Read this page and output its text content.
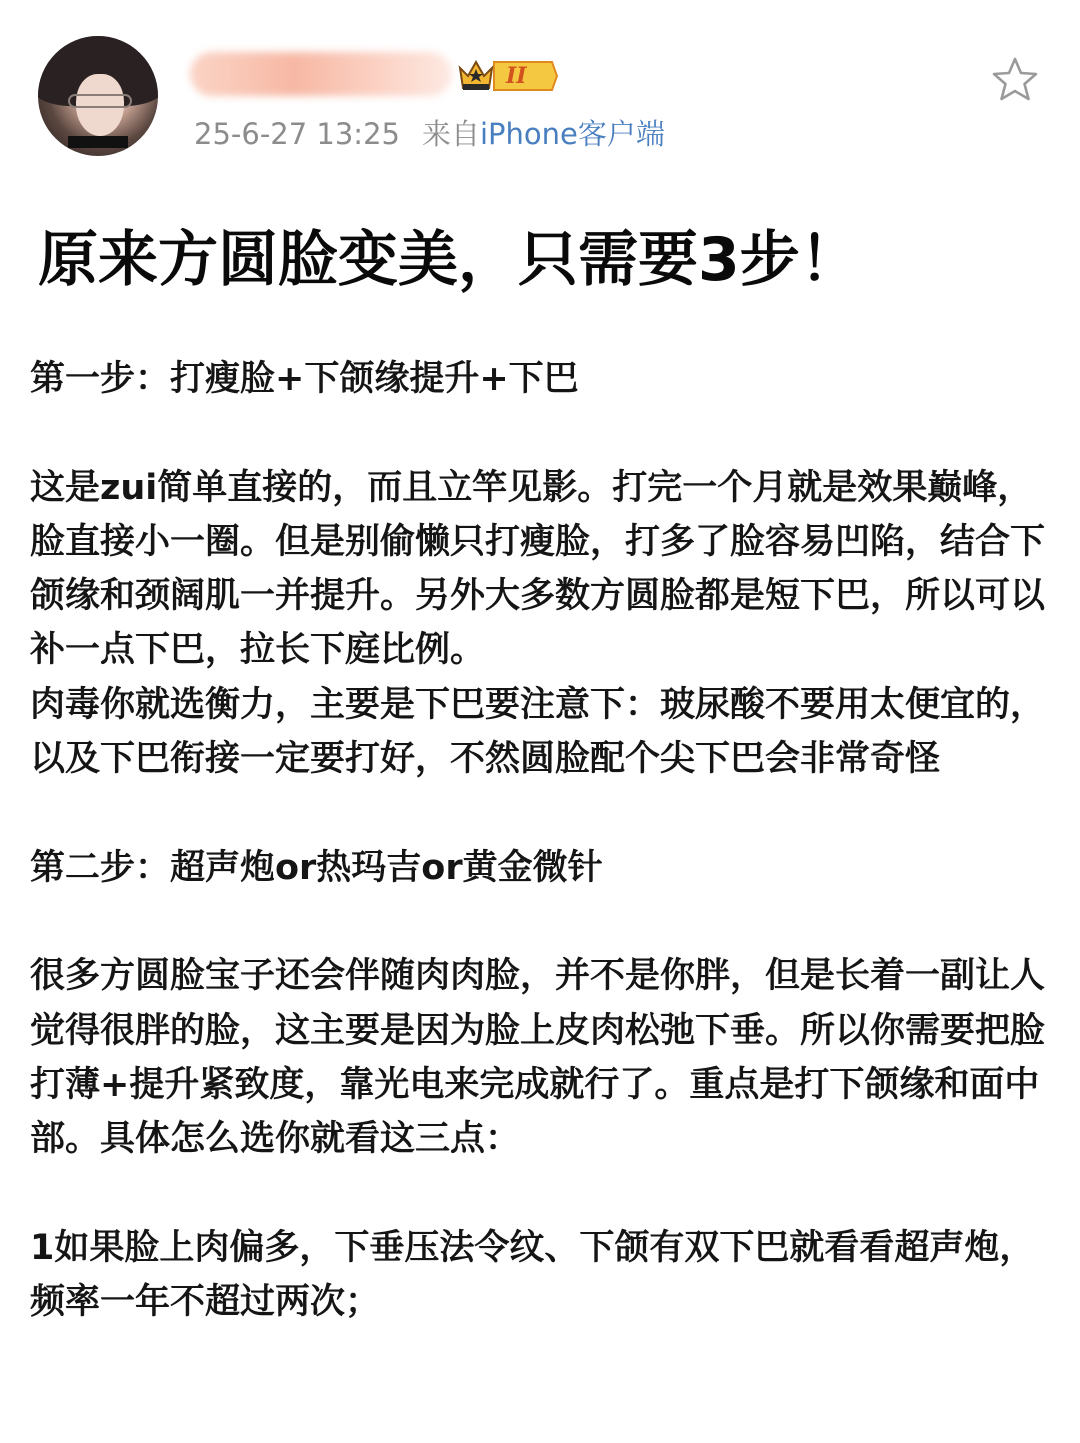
II
25-6-27 13:25 来自iPhone客户端
原来方圆脸变美，只需要3步！

第一步：打瘦脸+下颌缘提升+下巴

这是zui简单直接的，而且立竿见影。打完一个月就是效果巅峰，脸直接小一圈。但是别偷懒只打瘦脸，打多了脸容易凹陷，结合下颌缘和颈阔肌一并提升。另外大多数方圆脸都是短下巴，所以可以补一点下巴，拉长下庭比例。

肉毒你就选衡力，主要是下巴要注意下：玻尿酸不要用太便宜的，以及下巴衔接一定要打好，不然圆脸配个尖下巴会非常奇怪

第二步：超声炮or热玛吉or黄金微针

很多方圆脸宝子还会伴随肉肉脸，并不是你胖，但是长着一副让人觉得很胖的脸，这主要是因为脸上皮肉松弛下垂。所以你需要把脸打薄+提升紧致度，靠光电来完成就行了。重点是打下颌缘和面中部。具体怎么选你就看这三点：

1如果脸上肉偏多，下垂压法令纹、下颌有双下巴就看看超声炮，频率一年不超过两次；
